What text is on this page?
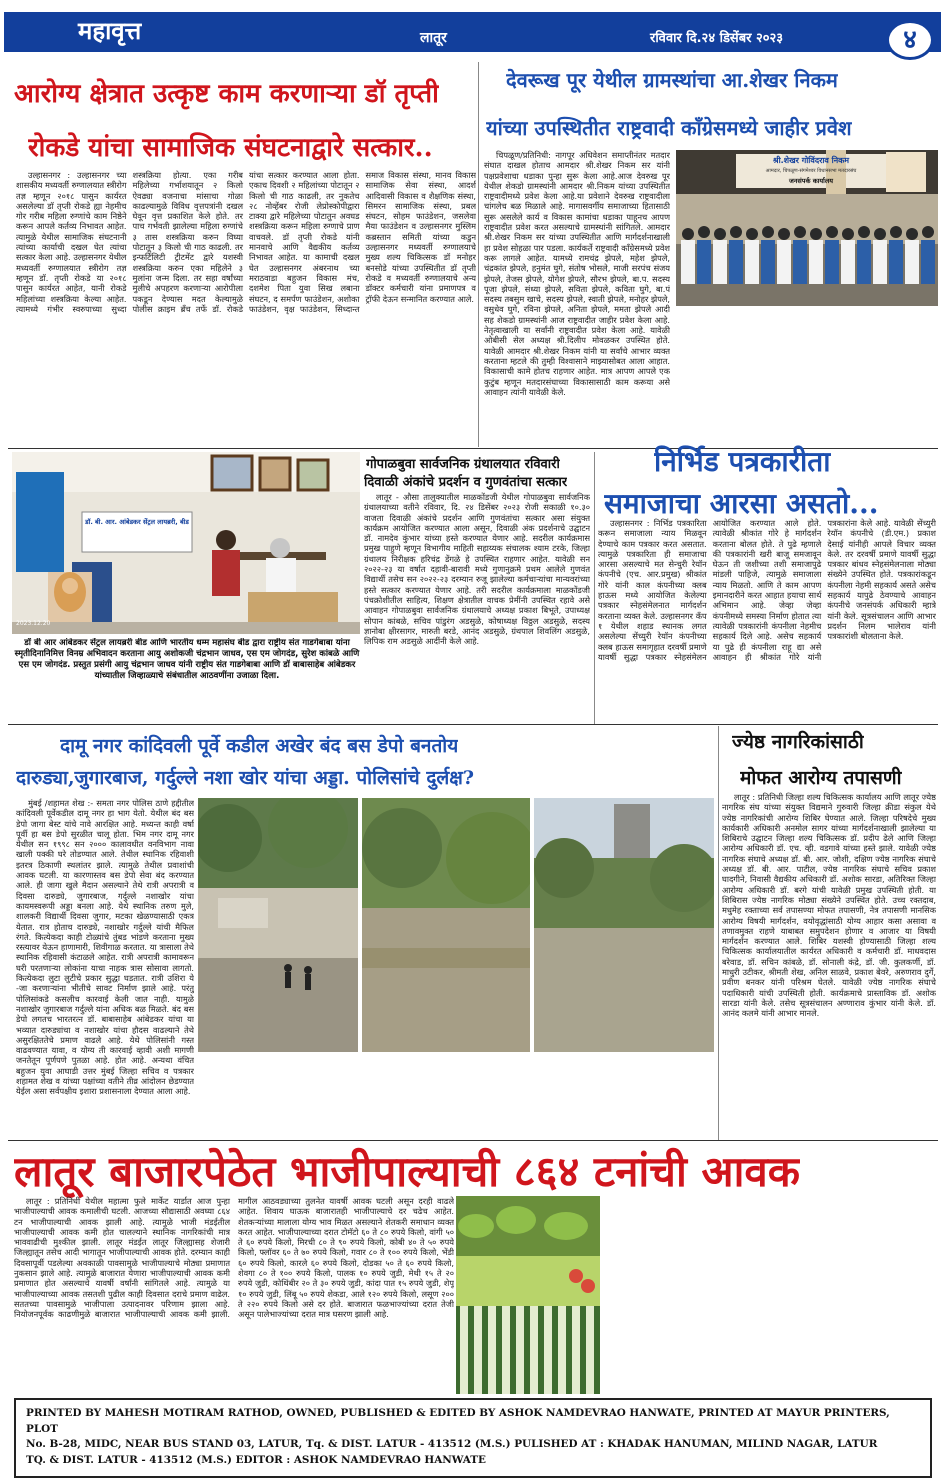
महावृत्त	लातूर	रविवार दि.२४ डिसेंबर २०२३	४
आरोग्य क्षेत्रात उत्कृष्ट काम करणाऱ्या डॉ तृप्ती
रोकडे यांचा सामाजिक संघटनाद्वारे सत्कार..

उल्हासनगर : उल्हासनगर च्या शासकीय मध्यवर्ती रुग्णालयात स्त्रीरोग तज्ञ म्हणून २०१८ पासुन कार्यरत असलेल्या डॉ तृप्ती रोकडे ह्या नेहमीच गोर गरीब महिला रुग्णांचे काम निष्ठेने करून आपले कर्तव्य निभावत आहेत. त्यामुळे येथील सामाजिक संघटनानी त्यांच्या कार्याची दखल घेत त्यांचा सत्कार केला आहे. उल्हासनगर येथील मध्यवर्ती रुग्णालयात स्त्रीरोग तज्ञ म्हणून डॉ. तृप्ती रोकडे या २०१८ पासुन कार्यरत आहेत, यानी रोकडे महिलांच्या शस्त्रक्रिया केल्या आहेत. त्यामध्ये गंभीर स्वरुपाच्या सुध्दा शस्त्रक्रिया होत्या. एका गरीब महिलेच्या गर्भाशयातून २ किलो ऐवढ्या वजनाचा मांसाचा गोळा काढल्यामुळे विविध वृत्तपत्रांनी दखल घेवून वृत्त प्रकाशित केले होते. तर पाच गर्भवती झालेल्या महिला रुग्णांचे ३ तास शस्त्रक्रिया करुन विघ्या पोटातून ३ किलो ची गाठ काढली. तर इन्फर्टिलिटी ट्रीटमेंट द्वारे यशस्वी शस्त्रक्रिया करुन एका महिलेने ३ मुलांना जन्म दिला. तर सहा वर्षांच्या मुलीचे अपहरण करणाऱ्या आरोपीला पकडून देण्यास मदत केल्यामुळे पोलीस क्राइम ब्रँच तर्फे डॉ. रोकडे यांचा सत्कार करण्यात आला होता. एकाच दिवशी २ महिलांच्या पोटातून २ किलो ची गाठ काढली, तर नुकतेच २८ नोव्हेंबर रोजी लेप्रोस्कोपीद्वारा टाक्या द्वारे महिलेच्या पोटातुन अवघड शस्त्रक्रिया करून महिला रुग्णाचे प्राण वाचवले. डॉ तृप्ती रोकडे यांनी मानवाचे आणि वैद्यकीय कर्तव्य निभावत आहेत. या कामाची दखल घेत उल्हासनगर अंबरनाथ च्या मराठवाडा बहुजन विकास मंच, दशमेश पिता युवा सिख लबाना संघटन, द समर्पण फाउंडेशन, अशोका फाउंडेशन, वृक्ष फाउंडेशन, सिध्दान्त समाज विकास संस्था, मानव विकास सामाजिक सेवा संस्था, आदर्श आदिवासी विकास व शैक्षणिक संस्था, सिमरन सामाजिक संस्था, प्रबल संघटन, सोहम फाउंडेशन, जसलेवा मैया फाउंडेशन व उल्हासनगर मुस्लिम कब्रस्तान समिती यांच्या कडुन उल्हासनगर मध्यवर्ती रुग्णालयाचे मुख्य शल्य चिकित्सक डॉ मनोहर बनसोडे यांच्या उपस्थितीत डॉ तृप्ती रोकडे व मध्यवर्ती रुग्णालयाचे अन्य डॉक्टर कर्मचारी यांना प्रमाणपत्र व ट्रॉफी देऊन सन्मानित करण्यात आले.

देवरूख पूर येथील ग्रामस्थांचा आ.शेखर निकम
यांच्या उपस्थितीत राष्ट्रवादी काँग्रेसमध्ये जाहीर प्रवेश

चिपळूण/प्रतिनिधी: नागपूर अधिवेशन समाप्तीनंतर मतदार संघात दाखल होताच आमदार श्री.शेखर निकम सर यांनी पक्षप्रवेशाचा धडाका पुन्हा सुरू केला आहे.आज देवरुख पूर येथील शेकडो ग्रामस्थांनी आमदार श्री.निकम यांच्या उपस्थितीत राष्ट्रवादीमध्ये प्रवेश केला आहे.या प्रवेशाने देवरुख राष्ट्रवादीला चांगलेच बळ मिळाले आहे. मागासवर्गीय समाजाच्या हितासाठी सुरू असलेले कार्य व विकास कामांचा धडाका पाहूनच आपण राष्ट्रवादीत प्रवेश करत असल्याचे ग्रामस्थांनी सांगितले. आमदार श्री.शेखर निकम सर यांच्या उपस्थितीत आणि मार्गदर्शनाखाली हा प्रवेश सोहळा पार पडला. कार्यकर्ते राष्ट्रवादी काँग्रेसमध्ये प्रवेश करू लागले आहेत. यामध्ये रामचंद्र झेपले, महेश झेपले, चंद्रकांत झेपले, हनुमंत घुगे, संतोष भोसले, माजी सरपंच संजय झेपले, तेजस झेपले, योगेश झेपले, सौरभ झेपले, बा.प. सदस्य पूजा झेपले, संध्या झेपले, सविता झेपले, कविता घुगे, बा.पं सदस्य तबसुम खाचे, सदस्य झेपले, स्वाती झेपले, मनोहर झेपले, वसुधेव घुगे, रविना झेपले, अनिता झेपले, ममता झेपले आदी सह शेकडो ग्रामस्थांनी आज राष्ट्रवादीत जाहीर प्रवेश केला आहे. नेतृत्वाखाली या सर्वांनी राष्ट्रवादीत प्रवेश केला आहे. यावेळी ओबीसी सेल अध्यक्ष श्री.दिलीप मोवळकर उपस्थित होते. यावेळी आमदार श्री.शेखर निकम यांनी या सर्वांचे आभार व्यक्त करताना म्हटले की तुम्ही विश्वासाने माझ्यासोबत आला आहात. विकासाची कामे होतच राहणार आहेत. मात्र आपण आपले एक कुटुंब म्हणून मतदारसंघाच्या विकासासाठी काम करूया असे आवाहन त्यांनी यावेळी केले.

श्री.शेखर गोविंदराव निकम
आमदार, चिपळूण-संगमेश्वर विधानसभा मतदारसंघ
जनसंपर्क कार्यालय
डॉ. बी. आर. आंबेडकर सेंट्रल लायब्ररी, बीड
2023.12.20
डॉ बी आर आंबेडकर सेंट्रल लायब्ररी बीड आणि भारतीय धम्म महासंघ बीड द्वारा राष्ट्रीय संत गाडगेबाबा यांना स्मृतीदिनानिमित्त विनम्र अभिवादन करताना आयु अशोकजी चंद्रभान जाधव, एस एम जोगदंड, सुरेश कांबळे आणि एस एम जोगदंड. प्रस्तुत प्रसंगी आयु चंद्रभान जाधव यांनी राष्ट्रीय संत गाडगेबाबा आणि डॉ बाबासाहेब आंबेडकर यांच्यातील जिव्हाळ्याचे संबंधातील आठवणींना उजाळा दिला.
गोपाळबुवा सार्वजनिक ग्रंथालयात रविवारी
दिवाळी अंकांचे प्रदर्शन व गुणवंतांचा सत्कार

लातूर - औसा तालुक्यातील माळकोंडजी येथील गोपाळबुवा सार्वजनिक ग्रंथालयाच्या वतीने रविवार, दि. २४ डिसेंबर २०२३ रोजी सकाळी १०.३० वाजता दिवाळी अंकांचे प्रदर्शन आणि गुणवंतांचा सत्कार असा संयुक्त कार्यक्रम आयोजित करण्यात आला असून, दिवाळी अंक प्रदर्शनाचे उद्घाटन डॉ. नामदेव कुंभार यांच्या हस्ते करण्यात येणार आहे. सदरील कार्यक्रमास प्रमुख पाहुणे म्हणून विभागीय माहिती सहाय्यक संचालक श्याम टरके, जिल्हा ग्रंथालय निरीक्षक हरिचंद्र डेंगळे हे उपस्थित राहणार आहेत. यावेळी सन २०२२-२३ या वर्षात दहावी-बारावी मध्ये गुणानुक्रमे प्रथम आलेले गुणवंत विद्यार्थी तसेच सन २०२२-२३ दरम्यान रुजू झालेल्या कर्मचाऱ्यांचा मान्यवरांच्या हस्ते सत्कार करण्यात येणार आहे. तरी सदरील कार्यक्रमाला माळकोंडजी पंचक्रोशीतील साहित्य, शिक्षण क्षेत्रातील वाचक प्रेमींनी उपस्थित रहावे असे आवाहन गोपाळबुवा सार्वजनिक ग्रंथालयाचे अध्यक्ष प्रकाश बिभूते, उपाध्यक्ष सोपान कांबळे, सचिव पांडुरंग अडसुळे, कोषाध्यक्ष विठ्ठल अडसुळे, सदस्य ज्ञानोबा क्षीरसागर, मारुती बरडे, आनंद अडसुळे, ग्रंथपाल शिवलिंग अडसुळे, लिपिक राम अडसुळे आदींनी केले आहे.

निर्भिड पत्रकारीता
समाजाचा आरसा असतो...

उल्हासनगर : निर्भिड पत्रकारिता करून समाजाला न्याय मिळवून देण्याचे काम पत्रकार करत असतात. त्यामुळे पत्रकारिता ही समाजाचा आरसा असल्याचे मत सेन्चुरी रेयॉन कंपनीचे (एच. आर.प्रमुख) श्रीकांत गोरे यांनी काल कंपनीच्या क्लब हाऊस मध्ये आयोजित केलेल्या पत्रकार स्नेहसंमेलनात मार्गदर्शन करताना व्यक्त केले. उल्हासनगर कँप १ येथील शहाड स्थानक लगत असलेल्या सेंच्युरी रेयॉन कंपनीच्या क्लब हाऊस समागृहात दरवर्षी प्रमाणे यावर्षी सुद्धा पत्रकार स्नेहसंमेलन आयोजित करण्यात आले होते. त्यावेळी श्रीकांत गोरे हे मार्गदर्शन करताना बोलत होते. ते पुढे म्हणाले की पत्रकारांनी खरी बाजू समजावून घेऊन ती जशीच्या तशी समाजापुढे मांडली पाहिजे, त्यामुळे समाजाला न्याय मिळतो. आणि ते काम आपण इमानदारीने करत आहात हयाचा सार्थ अभिमान आहे. जेव्हा जेव्हा कंपनीमध्ये समस्या निर्माण होतात त्या त्यावेळी पत्रकारांनी कंपनीला नेहमीच सहकार्य दिले आहे. असेच सहकार्य या पुढे ही कंपनीला राहू द्या असे आवाहन ही श्रीकांत गोरे यांनी पत्रकारांना केले आहे. यावेळी सेंच्युरी रेयॉन कंपनीचे (डी.एम.) प्रकाश देसाई यांनीही आपले विचार व्यक्त केले. तर दरवर्षी प्रमाणे यावर्षी सुद्धा पत्रकार बांधव स्नेहसंमेलनाला मोठ्या संख्येने उपस्थित होते. पत्रकारांकडून कंपनीला नेहमी सहकार्य असते असेच सहकार्य यापुढे ठेवण्याचे आवाहन कंपनीचे जनसंपर्क अधिकारी म्हात्रे यांनी केले. सूत्रसंचालन आणि आभार प्रदर्शन निलम भालेराव यांनी पत्रकारांशी बोलताना केले.

दामू नगर कांदिवली पूर्वे कडील अखेर बंद बस डेपो बनतोय
दारुड्या,जुगारबाज, गर्दुल्ले नशा खोर यांचा अड्डा. पोलिसांचे दुर्लक्ष?

मुंबई /शहामत शेख :- समता नगर पोलिस ठाणे हद्दीतील कांदिवली पूर्वेकडील दामू नगर हा भाग येतो. येथील बंद बस डेपो जागा बेस्ट यांचे नावे आरक्षित आहे. मध्यन्त काही वर्षा पूर्वी हा बस डेपो सुरळीत चालू होता. भिम नगर दामू नगर येथील सन १९९८ सन २००० कालावधीत वनविभाग नावा खाली पक्की घरे तोडण्यात आले. तेथील स्थानिक रहिवाशी इतरत्र ठिकाणी स्थलांतर झाले. त्यामुळे तेथील प्रवाशांची आवक घटली. या कारणास्तव बस डेपो सेवा बंद करण्यात आले. ही जागा खुले मैदान असल्याने तेथे रात्री अपरात्री व दिवसा दारुड्ये, जुगारबाज, गर्दुल्ले नशाखोर यांचा कायमस्वरूपी अड्डा बनला आहे. येथे स्थानिक तरुण मुले, शालकरी विद्यार्थी दिवसा जुगार, मटका खेळण्यासाठी एकत्र येतात. रात्र होताच दारुड्ये, नशाखोर गर्दुल्ले यांची मैफिल रंगते. कित्येकदा काही टोळ्यांचे तुंबड भांडणे करताना मुख्य रस्त्यावर येऊन हाणामारी, शिवीगाळ करतात. या त्रासाला तेथे स्थानिक रहिवासी कंटाळले आहेत. रात्री अपरात्री कामावरून घरी परतणाऱ्या लोकांना याचा नाहक त्रास सोसावा लागतो. कित्येकदा लुटा लुटीचे प्रकार सुद्धा घडतात. रात्री उशिरा ये -जा करणाऱ्यांना भीतीचे सावट निर्माण झाले आहे. परंतु पोलिसांकडे कसलीच कारवाई केली जात नाही. यामुळे नशाखोर जुगारबाज गर्दुल्ले यांना अधिक बळ मिळते. बंद बस डेपो लगतच भारतरत्न डॉ. बाबासाहेब आंबेडकर यांचा या भव्यात दारुड्यांचा व नशाखोर यांचा हौदस वाढल्याने तेथे असुरक्षिततेचे प्रमाण वाढले आहे. येथे पोलिसांनी गस्त वाढवण्यात यावा, व योग्य ती कारवाई व्हावी अशी मागणी जनतेतून पूर्णपणे पुतळा आहे. होत आहे. अन्यथा वंचित बहुजन युवा आघाडी उत्तर मुंबई जिल्हा सचिव व पत्रकार शहामत शेख व यांच्या पक्षांच्या वतीने तीव्र आंदोलन छेडण्यात येईल असा सर्वपक्षीय इशारा प्रशासनाला देण्यात आला आहे.

ज्येष्ठ नागरिकांसाठी
मोफत आरोग्य तपासणी

लातूर : प्रतिनिधी जिल्हा शल्य चिकित्सक कार्यालय आणि लातूर ज्येष्ठ नागरिक संघ यांच्या संयुक्त विद्यमाने गुरुवारी जिल्हा क्रीडा संकुल येथे ज्येष्ठ नागरिकांची आरोग्य शिबिर घेण्यात आले. जिल्हा परिषदेचे मुख्य कार्यकारी अधिकारी अनमोल सागर यांच्या मार्गदर्शनाखाली झालेल्या या शिबिराचे उद्घाटन जिल्हा शल्य चिकित्सक डॉ. प्रदीप ढेले आणि जिल्हा आरोग्य अधिकारी डॉ. एच. व्ही. वडगावे यांच्या हस्ते झाले. यावेळी ज्येष्ठ नागरिक संघाचे अध्यक्ष डॉ. बी. आर. जोशी, दक्षिण ज्येष्ठ नागरिक संघाचे अध्यक्ष डॉ. बी. आर. पाटील, ज्येष्ठ नागरिक संघाचे सचिव प्रकाश घादगीने, निवासी वैद्यकीय अधिकारी डॉ. अशोक सारडा, अतिरिक्त जिल्हा आरोग्य अधिकारी डॉ. बरगे यांची यावेळी प्रमुख उपस्थिती होती. या शिबिरास ज्येष्ठ नागरिक मोठ्या संख्येने उपस्थित होते. उच्च रक्तदाब, मधुमेह रक्ताच्या सर्व तपासण्या मोफत तपासणी, नेत्र तपासणी मानसिक आरोग्य विषयी मार्गदर्शन, वयोवृद्धांसाठी योग्य आहार कसा असावा व तणावमुक्त राहणे याबाबत समुपदेशन होणार व आजार या विषयी मार्गदर्शन करण्यात आले. शिबिर यशस्वी होण्यासाठी जिल्हा शल्य चिकित्सक कार्यालयातील कार्यरत अधिकारी व कर्मचारी डॉ. माधवदास बरेवाड, डॉ. सचिन कांबळे, डॉ. सोनाली कंद्रे, डॉ. जी. कुलकर्णी, डॉ. माधुरी उटीकर, श्रीमती शेख, अनिल साळवे, प्रकाश बेवरे, अरुणराव दुर्गे, प्रवीण बनकर यांनी परिश्रम घेतले. यावेळी ज्येष्ठ नागरिक संघाचे पदाधिकारी यांची उपस्थिती होती. कार्यक्रमाचे प्रास्ताविक डॉ. अशोक सारडा यांनी केले. तसेच सूत्रसंचालन अण्णाराव कुंभार यांनी केले. डॉ. आनंद कलमे यांनी आभार मानले.

लातूर बाजारपेठेत भाजीपाल्याची ८६४ टनांची आवक

लातूर : प्रतिनिधी येथील महात्मा फुले मार्केट यार्डात आज पुन्हा भाजीपाल्याची आवक कमालीची घटली. आजच्या सौद्यासाठी अवघ्या ८६४ टन भाजीपाल्याची आवक झाली आहे. त्यामुळे भाजी मंडईतील भाजीपाल्याची आवक कमी होत चालल्याने स्थानिक नागरिकांची मात्र भाववाढीची मुश्कील झाली. लातूर मंडईत लातूर जिल्ह्यासह शेजारी जिल्ह्यातून तसेच आदी भागातून भाजीपाल्याची आवक होते. दरम्यान काही दिवसापूर्वी पडलेल्या अवकाळी पावसामुळे भाजीपाल्याचे मोठ्या प्रमाणात नुकसान झाले आहे. त्यामुळे बाजारात येणारा भाजीपाल्याची आवक कमी प्रमाणात होत असल्याचे यावर्षी वर्षांनी सांगितले आहे. त्यामुळे या भाजीपाल्याच्या आवक तसतशी पुढील काही दिवसात दराचे प्रमाण वाढेल. सततच्या पावसामुळे भाजीपाला उत्पादनावर परिणाम झाला आहे. नियोजनपूर्वक काढणीमुळे बाजारात भाजीपाल्याची आवक कमी झाली. मागील आठवड्याच्या तुलनेत यावर्षी आवक घटली असून दरही वाढले आहेत. शिवाय घाऊक बाजारातही भाजीपाल्याचे दर चढेच आहेत. शेतकऱ्यांच्या मालाला योग्य भाव मिळत असल्याने शेतकरी समाधान व्यक्त करत आहेत. भाजीपाल्याच्या दरात टोमॅटो ६० ते ८० रुपये किलो, वांगी ५० ते ६० रुपये किलो, मिरची ८० ते ९० रुपये किलो, कोबी ४० ते ५० रुपये किलो, फ्लॉवर ६० ते ७० रुपये किलो, गवार ८० ते १०० रुपये किलो, भेंडी ६० रुपये किलो, कारले ६० रुपये किलो, दोडका ५० ते ६० रुपये किलो, शेवगा ८० ते १०० रुपये किलो, पालक १० रुपये जुडी, मेथी १५ ते २० रुपये जुडी, कोथिंबीर २० ते ३० रुपये जुडी, कांदा पात १५ रुपये जुडी, शेपू १० रुपये जुडी, लिंबू ५० रुपये शेकडा, आले १२० रुपये किलो, लसूण २०० ते २२० रुपये किलो असे दर होते. बाजारात फळभाज्यांच्या दरात तेजी असून पालेभाज्यांच्या दरात मात्र घसरण झाली आहे.

PRINTED BY MAHESH MOTIRAM RATHOD, OWNED, PUBLISHED & EDITED BY ASHOK NAMDEVRAO HANWATE, PRINTED AT MAYUR PRINTERS, PLOT
No. B-28, MIDC, NEAR BUS STAND 03, LATUR, Tq. & DIST. LATUR - 413512 (M.S.) PULISHED AT : KHADAK HANUMAN, MILIND NAGAR, LATUR
TQ. & DIST. LATUR - 413512 (M.S.) EDITOR : ASHOK NAMDEVRAO HANWATE
